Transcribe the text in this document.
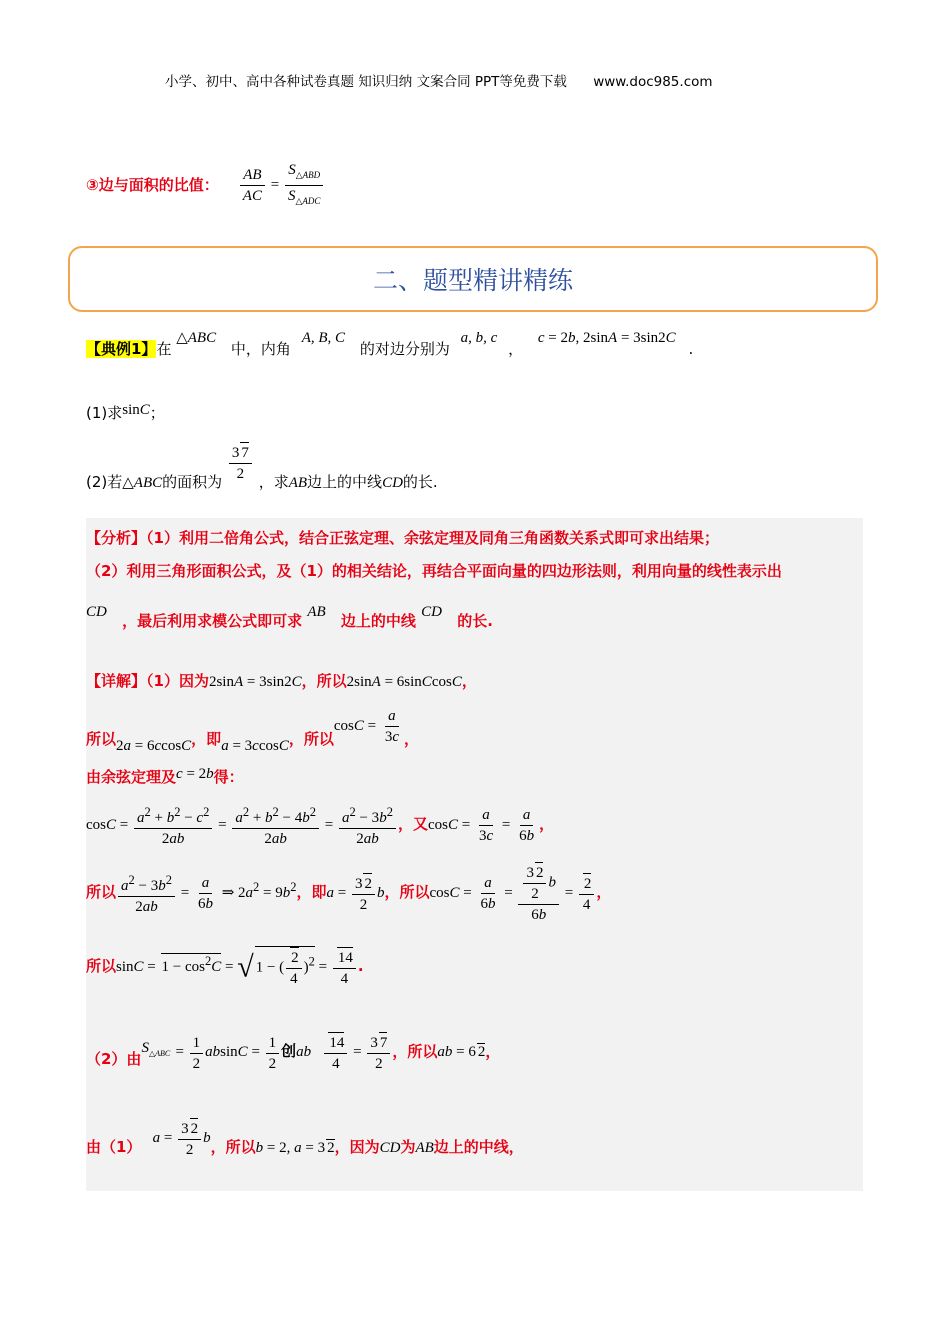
小学、初中、高中各种试卷真题 知识归纳 文案合同 PPT等免费下载 www.doc985.com
③边与面积的比值： $\frac{AB}{AC} = \frac{S_{\triangle ABD}}{S_{\triangle ADC}}$
二、题型精讲精练
【典例1】在 △ABC 中，内角 A, B, C 的对边分别为 a, b, c ， c = 2b, 2sinA = 3sin2C .
(1)求sinC；
(2)若△ABC的面积为 $\frac{3 7}{2}$ ，求AB边上的中线CD的长.
【分析】（1）利用二倍角公式，结合正弦定理、余弦定理及同角三角函数关系式即可求出结果；
（2）利用三角形面积公式，及（1）的相关结论，再结合平面向量的四边形法则，利用向量的线性表示出
CD ，最后利用求模公式即可求 AB 边上的中线 CD 的长.
【详解】（1）因为2sinA = 3sin2C，所以2sinA = 6sinCcosC，
所以2a = 6ccosC，即a = 3ccosC，所以$\cos C = \frac{a}{3c}$ ，
由余弦定理及c = 2b得：
$\cos C = \frac{a^2 + b^2 - c^2}{2ab} = \frac{a^2 + b^2 - 4b^2}{2ab} = \frac{a^2 - 3b^2}{2ab}$ ，又$\cos C = \frac{a}{3c} = \frac{a}{6b}$ ，
所以 $\frac{a^2 - 3b^2}{2ab} = \frac{a}{6b}$ ⇒ $2a^2 = 9b^2$，即$a = \frac{3 2}{2}$ b，所以$\cos C = \frac{a}{6b} = \frac{\frac{3 2}{2} b}{6b} = \frac{2}{4}$ ，
所以$\sin C = 1 - \cos^2C$ = √ 1 − ( $\frac{2}{4} )^2 = \frac{14}{4}$ .
（2）由$S_{\triangle ABC} = \frac{1}{2}$ $absinC = \frac{1}{2}$ 创ab $\frac{14}{4} = \frac{3 7}{2}$ ，所以ab = 6 2，
由（1） $a = \frac{3 2}{2}$ b，所以b = 2, a = 3 2，因为CD为AB边上的中线，
